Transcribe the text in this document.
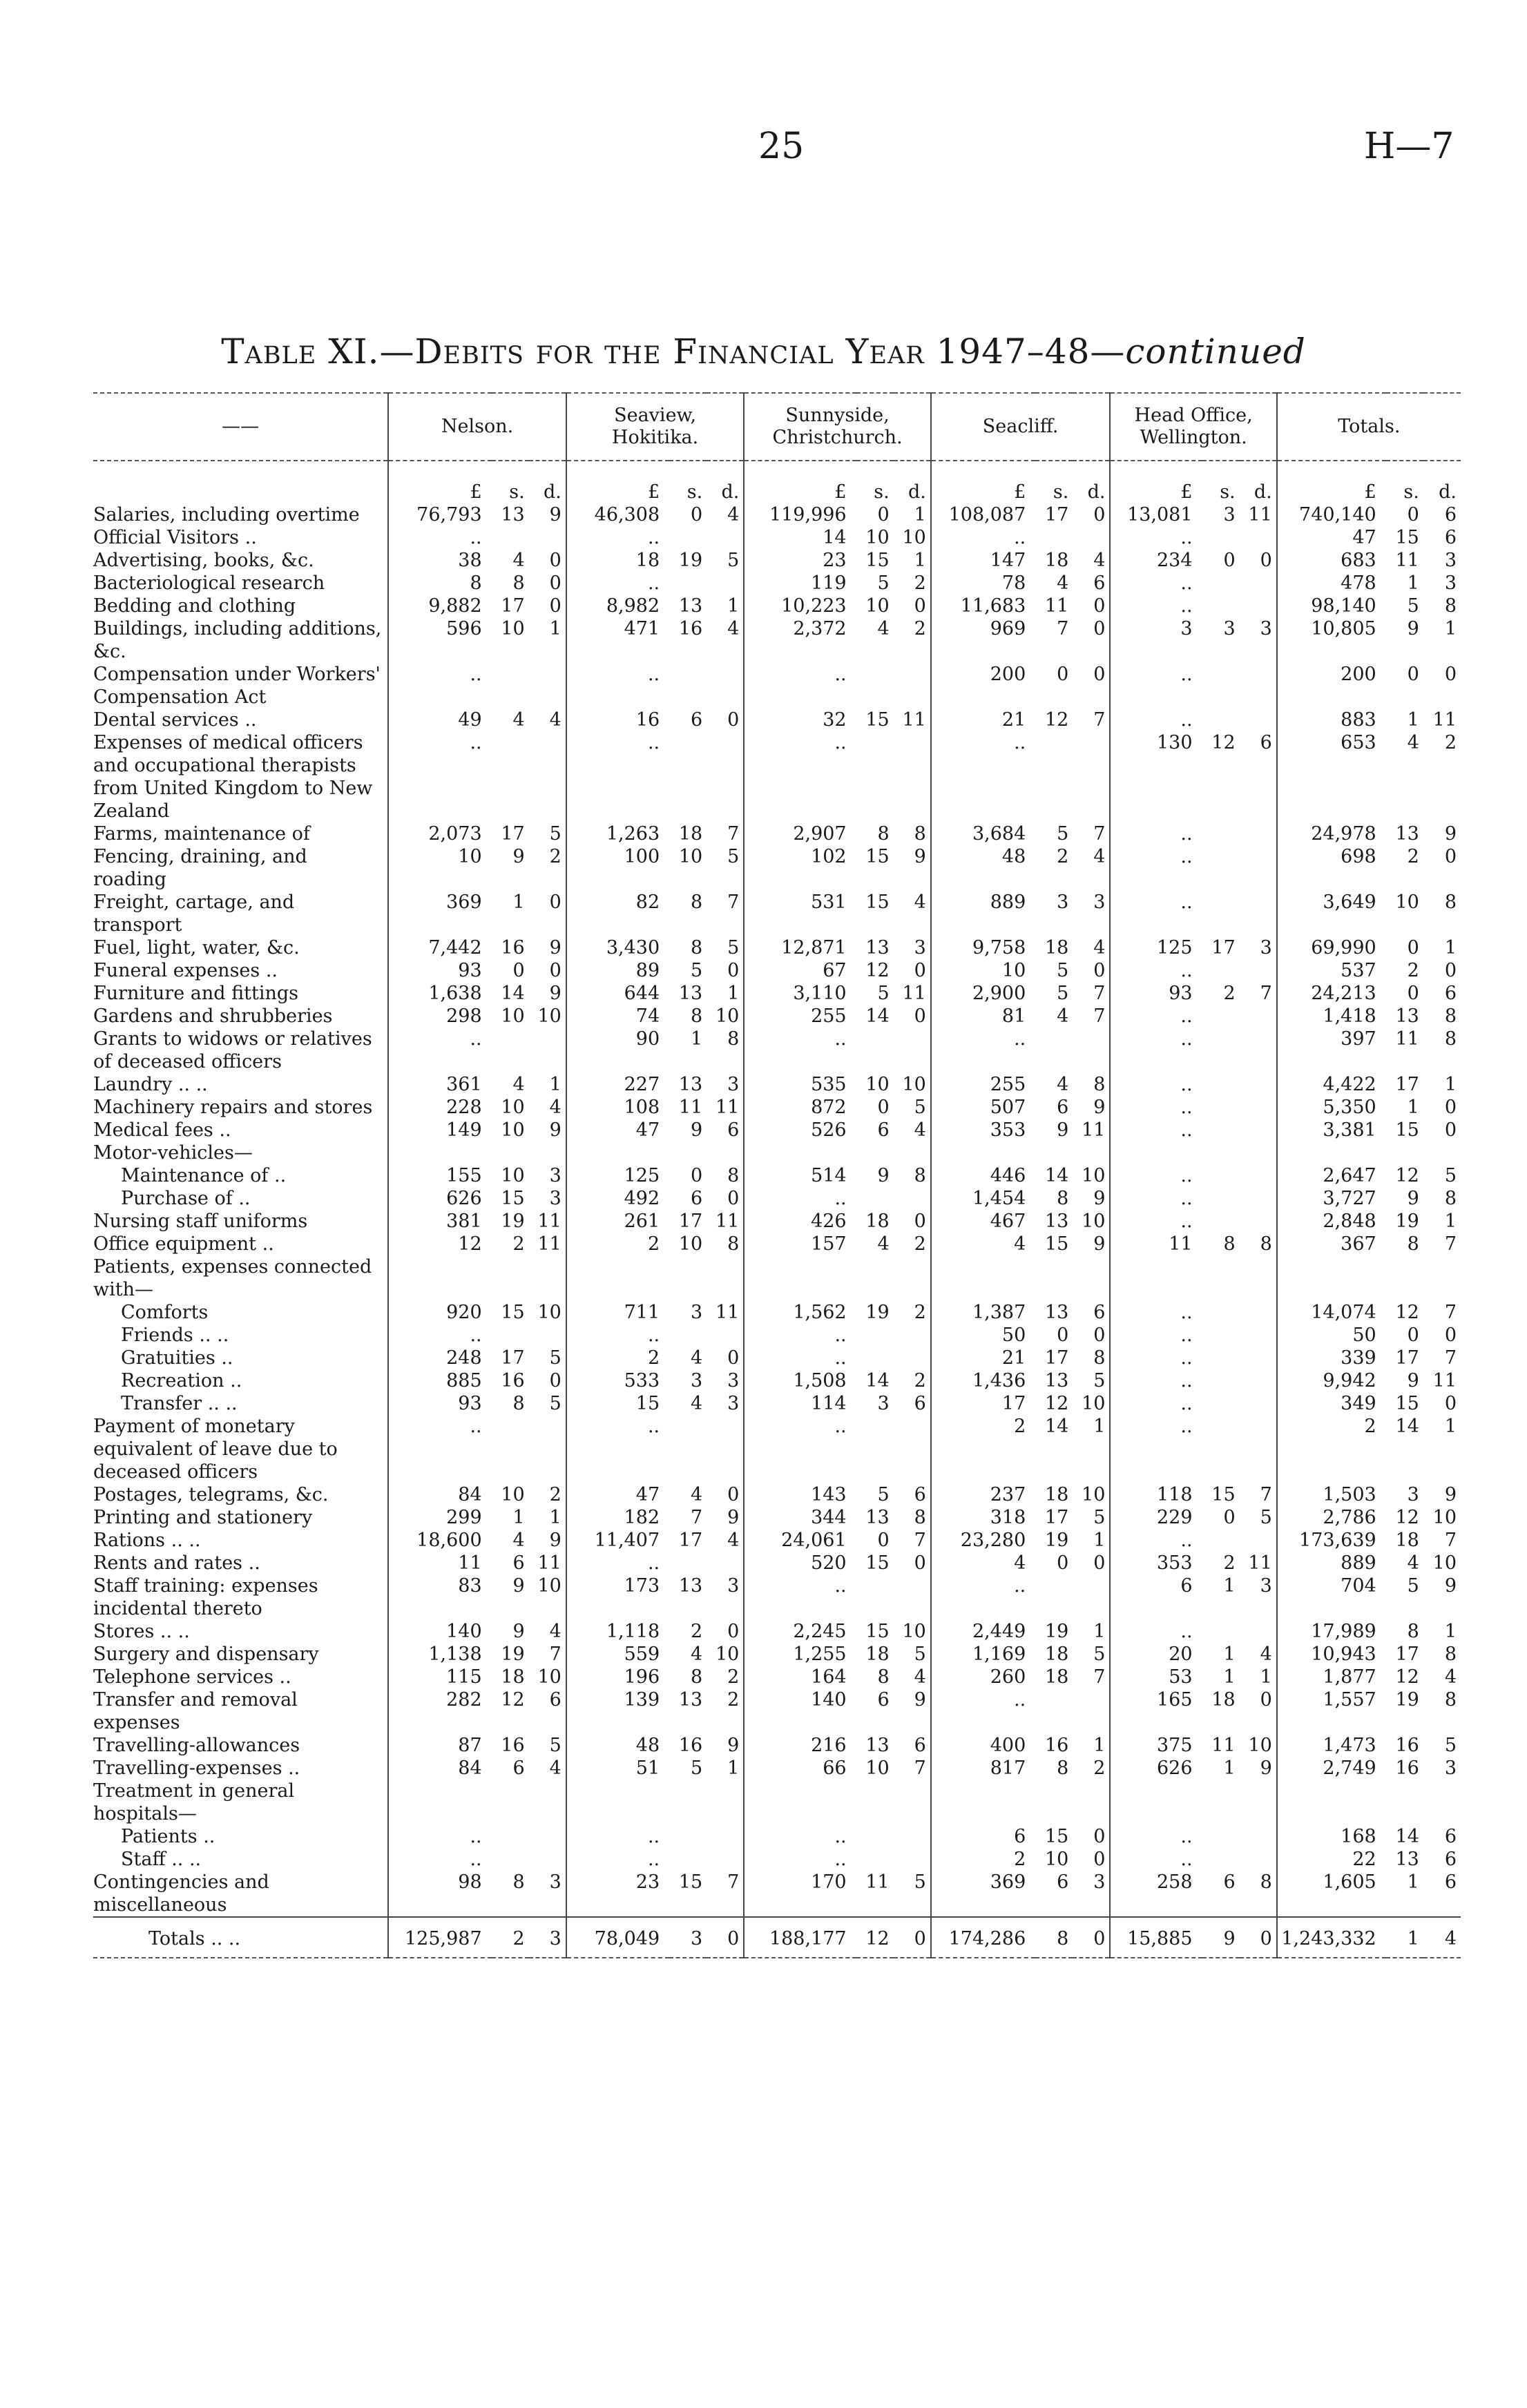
25	H—7
Table XI.—Debits for the Financial Year 1947–48—continued
——	Nelson.			Seaview, Hokitika.			Sunnyside, Christchurch.			Seacliff.			Head Office, Wellington.			Totals.		
	£	s.	d.	£	s.	d.	£	s.	d.	£	s.	d.	£	s.	d.	£	s.	d.
Salaries, including overtime	76,793	13	9	46,308	0	4	119,996	0	1	108,087	17	0	13,081	3	11	740,140	0	6
Official Visitors ..	..			..			14	10	10	..			..			47	15	6
Advertising, books, &c.	38	4	0	18	19	5	23	15	1	147	18	4	234	0	0	683	11	3
Bacteriological research	8	8	0	..			119	5	2	78	4	6	..			478	1	3
Bedding and clothing	9,882	17	0	8,982	13	1	10,223	10	0	11,683	11	0	..			98,140	5	8
Buildings, including additions, &c.	596	10	1	471	16	4	2,372	4	2	969	7	0	3	3	3	10,805	9	1
Compensation under Workers' Compensation Act	..			..			..			200	0	0	..			200	0	0
Dental services ..	49	4	4	16	6	0	32	15	11	21	12	7	..			883	1	11
Expenses of medical officers and occupational therapists from United Kingdom to New Zealand	..			..			..			..			130	12	6	653	4	2
Farms, maintenance of	2,073	17	5	1,263	18	7	2,907	8	8	3,684	5	7	..			24,978	13	9
Fencing, draining, and roading	10	9	2	100	10	5	102	15	9	48	2	4	..			698	2	0
Freight, cartage, and transport	369	1	0	82	8	7	531	15	4	889	3	3	..			3,649	10	8
Fuel, light, water, &c.	7,442	16	9	3,430	8	5	12,871	13	3	9,758	18	4	125	17	3	69,990	0	1
Funeral expenses ..	93	0	0	89	5	0	67	12	0	10	5	0	..			537	2	0
Furniture and fittings	1,638	14	9	644	13	1	3,110	5	11	2,900	5	7	93	2	7	24,213	0	6
Gardens and shrubberies	298	10	10	74	8	10	255	14	0	81	4	7	..			1,418	13	8
Grants to widows or relatives of deceased officers	..			90	1	8	..			..			..			397	11	8
Laundry .. ..	361	4	1	227	13	3	535	10	10	255	4	8	..			4,422	17	1
Machinery repairs and stores	228	10	4	108	11	11	872	0	5	507	6	9	..			5,350	1	0
Medical fees ..	149	10	9	47	9	6	526	6	4	353	9	11	..			3,381	15	0
Motor-vehicles—																		
Maintenance of ..	155	10	3	125	0	8	514	9	8	446	14	10	..			2,647	12	5
Purchase of ..	626	15	3	492	6	0	..			1,454	8	9	..			3,727	9	8
Nursing staff uniforms	381	19	11	261	17	11	426	18	0	467	13	10	..			2,848	19	1
Office equipment ..	12	2	11	2	10	8	157	4	2	4	15	9	11	8	8	367	8	7
Patients, expenses connected with—																		
Comforts	920	15	10	711	3	11	1,562	19	2	1,387	13	6	..			14,074	12	7
Friends .. ..	..			..			..			50	0	0	..			50	0	0
Gratuities ..	248	17	5	2	4	0	..			21	17	8	..			339	17	7
Recreation ..	885	16	0	533	3	3	1,508	14	2	1,436	13	5	..			9,942	9	11
Transfer .. ..	93	8	5	15	4	3	114	3	6	17	12	10	..			349	15	0
Payment of monetary equivalent of leave due to deceased officers	..			..			..			2	14	1	..			2	14	1
Postages, telegrams, &c.	84	10	2	47	4	0	143	5	6	237	18	10	118	15	7	1,503	3	9
Printing and stationery	299	1	1	182	7	9	344	13	8	318	17	5	229	0	5	2,786	12	10
Rations .. ..	18,600	4	9	11,407	17	4	24,061	0	7	23,280	19	1	..			173,639	18	7
Rents and rates ..	11	6	11	..			520	15	0	4	0	0	353	2	11	889	4	10
Staff training: expenses incidental thereto	83	9	10	173	13	3	..			..			6	1	3	704	5	9
Stores .. ..	140	9	4	1,118	2	0	2,245	15	10	2,449	19	1	..			17,989	8	1
Surgery and dispensary	1,138	19	7	559	4	10	1,255	18	5	1,169	18	5	20	1	4	10,943	17	8
Telephone services ..	115	18	10	196	8	2	164	8	4	260	18	7	53	1	1	1,877	12	4
Transfer and removal expenses	282	12	6	139	13	2	140	6	9	..			165	18	0	1,557	19	8
Travelling-allowances	87	16	5	48	16	9	216	13	6	400	16	1	375	11	10	1,473	16	5
Travelling-expenses ..	84	6	4	51	5	1	66	10	7	817	8	2	626	1	9	2,749	16	3
Treatment in general hospitals—																		
Patients ..	..			..			..			6	15	0	..			168	14	6
Staff .. ..	..			..			..			2	10	0	..			22	13	6
Contingencies and miscellaneous	98	8	3	23	15	7	170	11	5	369	6	3	258	6	8	1,605	1	6
Totals .. ..	125,987	2	3	78,049	3	0	188,177	12	0	174,286	8	0	15,885	9	0	1,243,332	1	4
